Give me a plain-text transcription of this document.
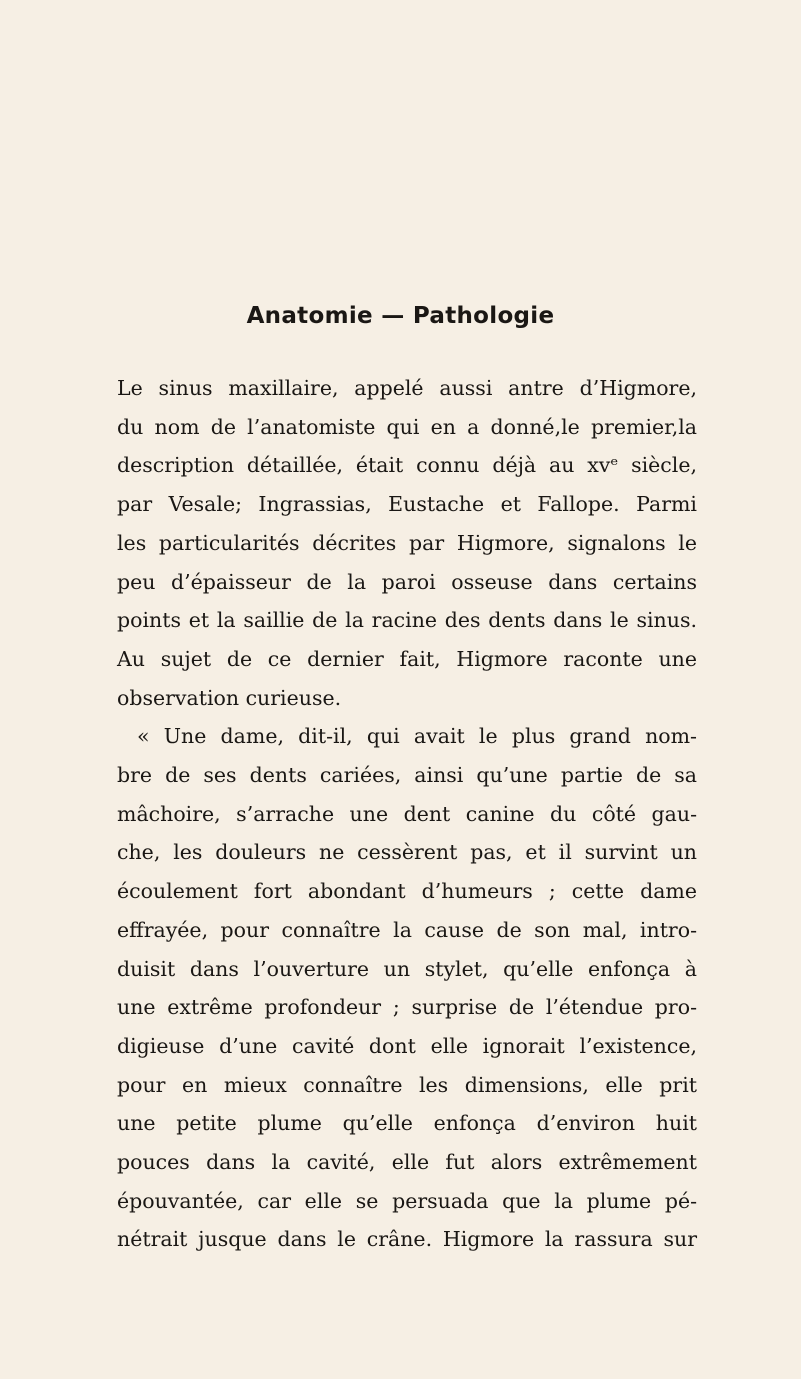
Anatomie — Pathologie
Le sinus maxillaire, appelé aussi antre d’Higmore,
du nom de l’anatomiste qui en a donné,le premier,la
description détaillée, était connu déjà au xvᵉ siècle,
par Vesale; Ingrassias, Eustache et Fallope. Parmi
les particularités décrites par Higmore, signalons le
peu d’épaisseur de la paroi osseuse dans certains
points et la saillie de la racine des dents dans le sinus.
Au sujet de ce dernier fait, Higmore raconte une
observation curieuse.
« Une dame, dit-il, qui avait le plus grand nom-
bre de ses dents cariées, ainsi qu’une partie de sa
mâchoire, s’arrache une dent canine du côté gau-
che, les douleurs ne cessèrent pas, et il survint un
écoulement fort abondant d’humeurs ; cette dame
effrayée, pour connaître la cause de son mal, intro-
duisit dans l’ouverture un stylet, qu’elle enfonça à
une extrême profondeur ; surprise de l’étendue pro-
digieuse d’une cavité dont elle ignorait l’existence,
pour en mieux connaître les dimensions, elle prit
une petite plume qu’elle enfonça d’environ huit
pouces dans la cavité, elle fut alors extrêmement
épouvantée, car elle se persuada que la plume pé-
nétrait jusque dans le crâne. Higmore la rassura sur
